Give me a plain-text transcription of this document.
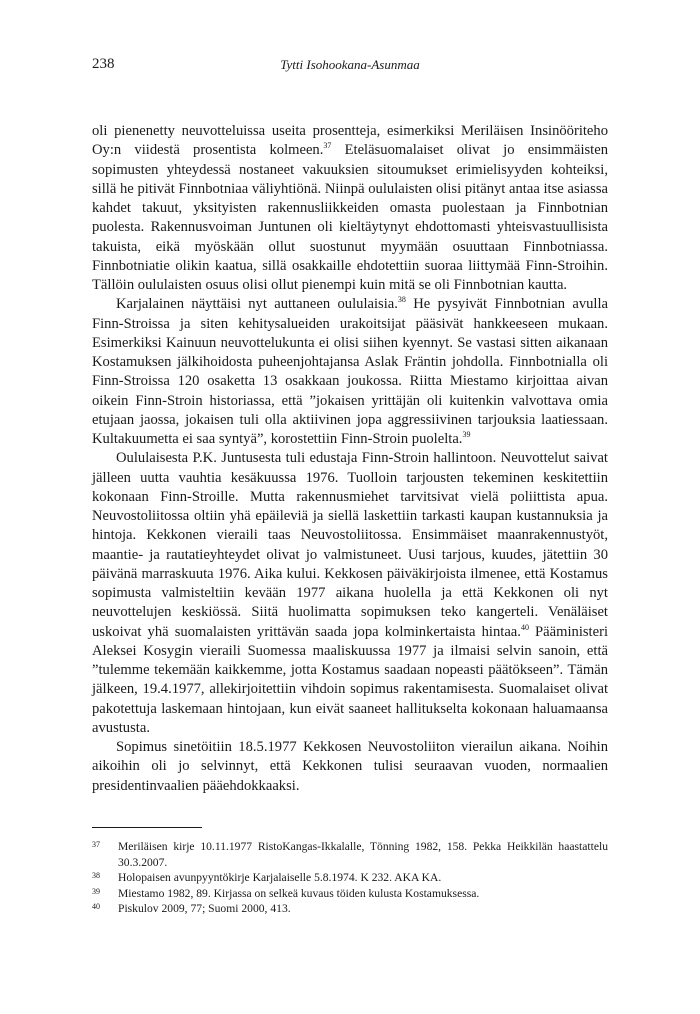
238	Tytti Isohookana-Asunmaa

oli pienenetty neuvotteluissa useita prosentteja, esimerkiksi Meriläisen Insinööriteho Oy:n viidestä prosentista kolmeen.$^{37}$ Eteläsuomalaiset olivat jo ensimmäisten sopimusten yhteydessä nostaneet vakuuksien sitoumukset erimielisyyden kohteiksi, sillä he pitivät Finnbotniaa väliyhtiönä. Niinpä oululaisten olisi pitänyt antaa itse asiassa kahdet takuut, yksityisten rakennusliikkeiden omasta puolestaan ja Finnbotnian puolesta. Rakennusvoiman Juntunen oli kieltäytynyt ehdottomasti yhteisvastuullisista takuista, eikä myöskään ollut suostunut myymään osuuttaan Finnbotniassa. Finnbotniatie olikin kaatua, sillä osakkaille ehdotettiin suoraa liittymää Finn-Stroihin. Tällöin oululaisten osuus olisi ollut pienempi kuin mitä se oli Finnbotnian kautta.

Karjalainen näyttäisi nyt auttaneen oululaisia.$^{38}$ He pysyivät Finnbotnian avulla Finn-Stroissa ja siten kehitysalueiden urakoitsijat pääsivät hankkeeseen mukaan. Esimerkiksi Kainuun neuvottelukunta ei olisi siihen kyennyt. Se vastasi sitten aikanaan Kostamuksen jälkihoidosta puheenjohtajansa Aslak Fräntin johdolla. Finnbotnialla oli Finn-Stroissa 120 osaketta 13 osakkaan joukossa. Riitta Miestamo kirjoittaa aivan oikein Finn-Stroin historiassa, että ”jokaisen yrittäjän oli kuitenkin valvottava omia etujaan jaossa, jokaisen tuli olla aktiivinen jopa aggressiivinen tarjouksia laatiessaan. Kultakuumetta ei saa syntyä”, korostettiin Finn-Stroin puolelta.$^{39}$

Oululaisesta P.K. Juntusesta tuli edustaja Finn-Stroin hallintoon. Neuvottelut saivat jälleen uutta vauhtia kesäkuussa 1976. Tuolloin tarjousten tekeminen keskitettiin kokonaan Finn-Stroille. Mutta rakennusmiehet tarvitsivat vielä poliittista apua. Neuvostoliitossa oltiin yhä epäileviä ja siellä laskettiin tarkasti kaupan kustannuksia ja hintoja. Kekkonen vieraili taas Neuvostoliitossa. Ensimmäiset maanrakennustyöt, maantie- ja rautatieyhteydet olivat jo valmistuneet. Uusi tarjous, kuudes, jätettiin 30 päivänä marraskuuta 1976. Aika kului. Kekkosen päiväkirjoista ilmenee, että Kostamus sopimusta valmisteltiin kevään 1977 aikana huolella ja että Kekkonen oli nyt neuvottelujen keskiössä. Siitä huolimatta sopimuksen teko kangerteli. Venäläiset uskoivat yhä suomalaisten yrittävän saada jopa kolminkertaista hintaa.$^{40}$ Pääministeri Aleksei Kosygin vieraili Suomessa maaliskuussa 1977 ja ilmaisi selvin sanoin, että ”tulemme tekemään kaikkemme, jotta Kostamus saadaan nopeasti päätökseen”. Tämän jälkeen, 19.4.1977, allekirjoitettiin vihdoin sopimus rakentamisesta. Suomalaiset olivat pakotettuja laskemaan hintojaan, kun eivät saaneet hallitukselta kokonaan haluamaansa avustusta.

Sopimus sinetöitiin 18.5.1977 Kekkosen Neuvostoliiton vierailun aikana. Noihin aikoihin oli jo selvinnyt, että Kekkonen tulisi seuraavan vuoden, normaalien presidentinvaalien pääehdokkaaksi.

37 Meriläisen kirje 10.11.1977 RistoKangas-Ikkalalle, Tönning 1982, 158. Pekka Heikkilän haastattelu 30.3.2007.

38 Holopaisen avunpyyntökirje Karjalaiselle 5.8.1974. K 232. AKA KA.

39 Miestamo 1982, 89. Kirjassa on selkeä kuvaus töiden kulusta Kostamuksessa.

40 Piskulov 2009, 77; Suomi 2000, 413.
